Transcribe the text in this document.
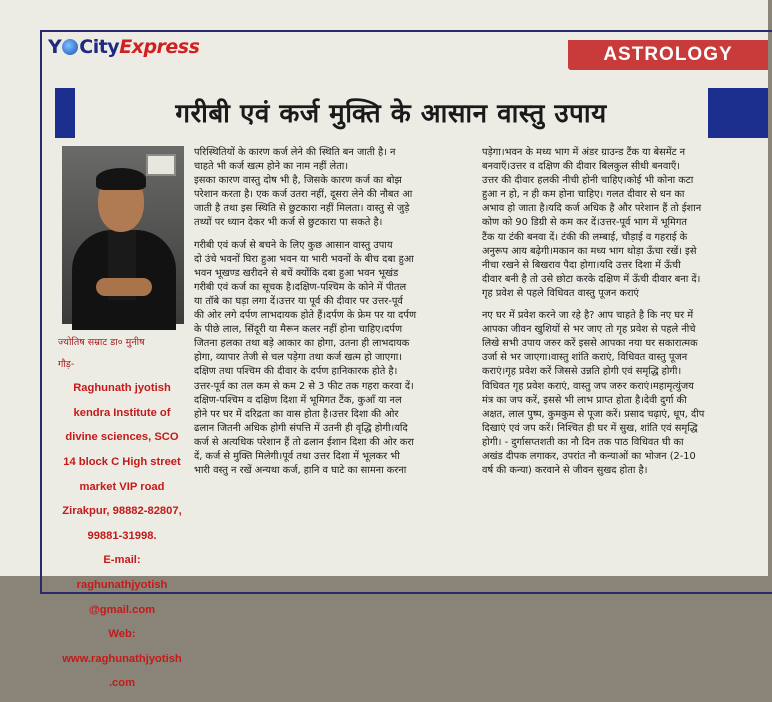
Y CityExpress	ASTROLOGY
गरीबी एवं कर्ज मुक्ति के आसान वास्तु उपाय

ज्योतिष सम्राट डा० मुनीष

गौड़-

Raghunath jyotish

kendra Institute of

divine sciences, SCO

14 block C High street

market VIP road

Zirakpur, 98882-82807,

99881-31998.

E-mail:

raghunathjyotish

@gmail.com

Web:

www.raghunathjyotish

.com

परिस्थितियों के कारण कर्ज लेने की स्थिति बन जाती है। न

चाहते भी कर्ज खत्म होने का नाम नहीं लेता।

इसका कारण वास्तु दोष भी है, जिसके कारण कर्ज का बोझ

परेशान करता है। एक कर्ज उतरा नहीं, दूसरा लेने की नौबत आ

जाती है तथा इस स्थिति से छुटकारा नहीं मिलता। वास्तु से जुड़े

तथ्यों पर ध्यान देकर भी कर्ज से छुटकारा पा सकते है।

गरीबी एवं कर्ज से बचने के लिए कुछ आसान वास्तु उपाय

दो उंचे भवनों घिरा हुआ भवन या भारी भवनों के बीच दबा हुआ

भवन भूखण्ड खरीदने से बचें क्योंकि दबा हुआ भवन भूखंड

गरीबी एवं कर्ज का सूचक है।दक्षिण-पश्चिम के कोने में पीतल

या तॉबे का घड़ा लगा दें।उत्तर या पूर्व की दीवार पर उत्तर-पूर्व

की ओर लगे दर्पण लाभदायक होते हैं।दर्पण के फ्रेम पर या दर्पण

के पीछे लाल, सिंदूरी या मैरून कलर नहीं होना चाहिए।दर्पण

जितना हलका तथा बड़े आकार का होगा, उतना ही लाभदायक

होगा, व्यापार तेजी से चल पड़ेगा तथा कर्ज खत्म हो जाएगा।

दक्षिण तथा पश्चिम की दीवार के दर्पण हानिकारक होते है।

उत्तर-पूर्व का तल कम से कम 2 से 3 फीट तक गहरा करवा दें।

दक्षिण-पश्चिम व दक्षिण दिशा में भूमिगत टैंक, कुआँ या नल

होने पर घर में दरिद्रता का वास होता है।उत्तर दिशा की ओर

ढलान जितनी अधिक होगी संपत्ति में उतनी ही वृद्धि होगी।यदि

कर्ज से अत्यधिक परेशान हैं तो ढलान ईशान दिशा की ओर करा

दें, कर्ज से मुक्ति मिलेगी।पूर्व तथा उत्तर दिशा में भूलकर भी

भारी वस्तु न रखें अन्यथा कर्ज, हानि व घाटे का सामना करना

पड़ेगा।भवन के मध्य भाग में अंडर ग्राउन्ड टैंक या बेसमेंट न

बनवाएँ।उत्तर व दक्षिण की दीवार बिलकुल सीधी बनवाएँ।

उत्तर की दीवार हलकी नीची होनी चाहिए।कोई भी कोना कटा

हुआ न हो, न ही कम होना चाहिए। गलत दीवार से धन का

अभाव हो जाता है।यदि कर्ज अधिक है और परेशान हैं तो ईशान

कोण को 90 डिग्री से कम कर दें।उत्तर-पूर्व भाग में भूमिगत

टैंक या टंकी बनवा दें। टंकी की लम्बाई, चौड़ाई व गहराई के

अनुरूप आय बढ़ेगी।मकान का मध्य भाग थोड़ा ऊँचा रखें। इसे

नीचा रखने से बिखराव पैदा होगा।यदि उत्तर दिशा में ऊँची

दीवार बनी है तो उसे छोटा करके दक्षिण में ऊँची दीवार बना दें।

गृह प्रवेश से पहले विधिवत वास्तु पूजन कराएं

नए घर में प्रवेश करने जा रहे है? आप चाहते है कि नए घर में

आपका जीवन खुशियों से भर जाए तो गृह प्रवेश से पहले नीचे

लिखे सभी उपाय जरुर करें इससे आपका नया घर सकारात्मक

उर्जा से भर जाएगा।वास्तु शांति कराएं, विधिवत वास्तु पूजन

कराएं।गृह प्रवेश करें जिससे उन्नति होगी एवं समृद्धि होगी।

विधिवत गृह प्रवेश कराएं, वास्तु जप जरुर कराएं।महामृत्युंजय

मंत्र का जप करें, इससे भी लाभ प्राप्त होता है।देवी दुर्गा की

अक्षत, लाल पुष्प, कुमकुम से पूजा करें। प्रसाद चढ़ाएं, धूप, दीप

दिखाएं एवं जप करें। निश्चित ही घर में सुख, शांति एवं समृद्धि

होगी। - दुर्गासप्तशती का नौ दिन तक पाठ विधिवत घी का

अखंड दीपक लगाकर, उपरांत नौ कन्याओं का भोजन (2-10

वर्ष की कन्या) करवाने से जीवन सुखद होता है।
